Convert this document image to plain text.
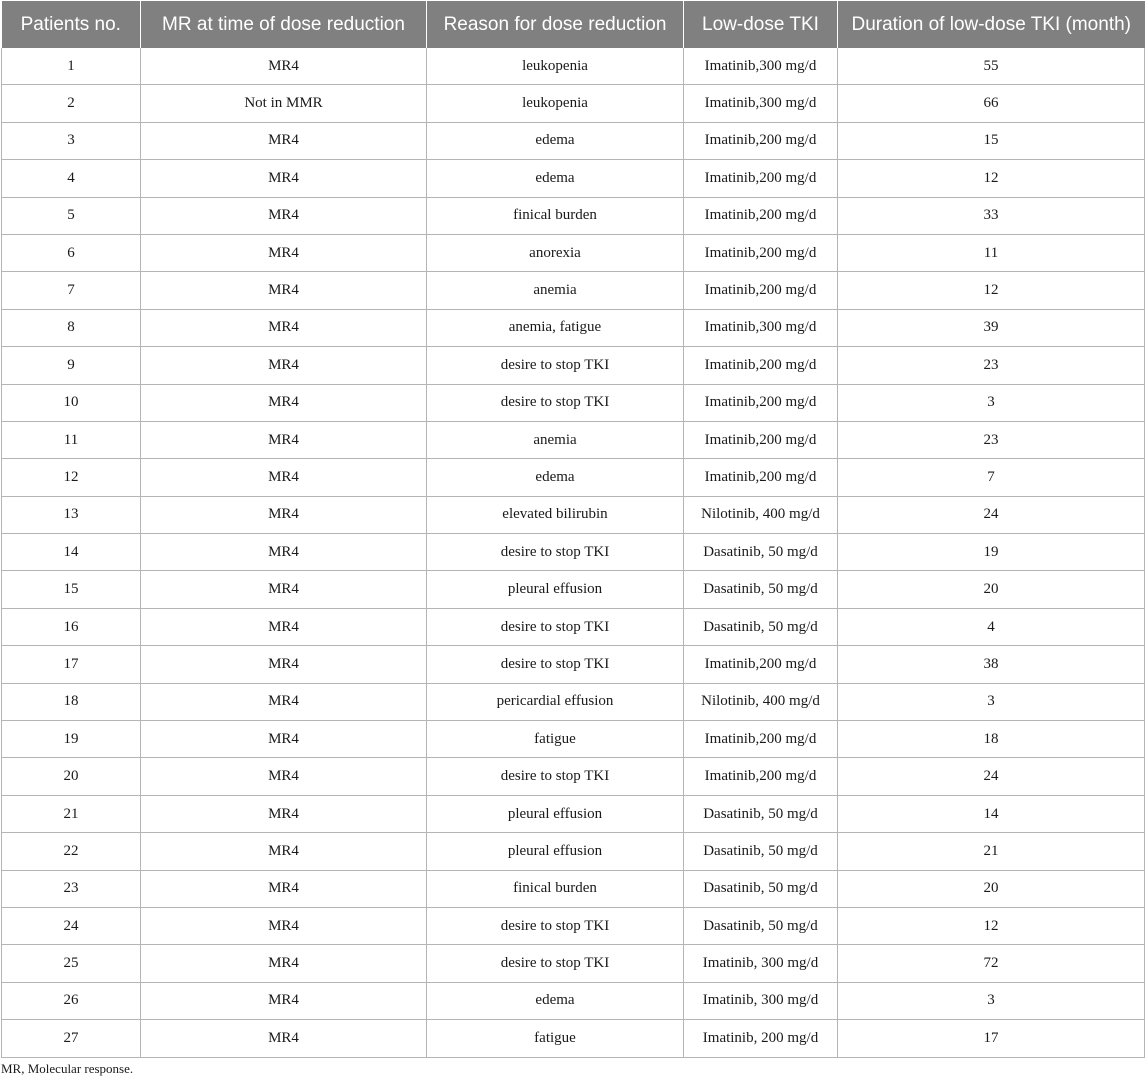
Patients no.	MR at time of dose reduction	Reason for dose reduction	Low-dose TKI	Duration of low-dose TKI (month)
1	MR4	leukopenia	Imatinib,300 mg/d	55
2	Not in MMR	leukopenia	Imatinib,300 mg/d	66
3	MR4	edema	Imatinib,200 mg/d	15
4	MR4	edema	Imatinib,200 mg/d	12
5	MR4	finical burden	Imatinib,200 mg/d	33
6	MR4	anorexia	Imatinib,200 mg/d	11
7	MR4	anemia	Imatinib,200 mg/d	12
8	MR4	anemia, fatigue	Imatinib,300 mg/d	39
9	MR4	desire to stop TKI	Imatinib,200 mg/d	23
10	MR4	desire to stop TKI	Imatinib,200 mg/d	3
11	MR4	anemia	Imatinib,200 mg/d	23
12	MR4	edema	Imatinib,200 mg/d	7
13	MR4	elevated bilirubin	Nilotinib, 400 mg/d	24
14	MR4	desire to stop TKI	Dasatinib, 50 mg/d	19
15	MR4	pleural effusion	Dasatinib, 50 mg/d	20
16	MR4	desire to stop TKI	Dasatinib, 50 mg/d	4
17	MR4	desire to stop TKI	Imatinib,200 mg/d	38
18	MR4	pericardial effusion	Nilotinib, 400 mg/d	3
19	MR4	fatigue	Imatinib,200 mg/d	18
20	MR4	desire to stop TKI	Imatinib,200 mg/d	24
21	MR4	pleural effusion	Dasatinib, 50 mg/d	14
22	MR4	pleural effusion	Dasatinib, 50 mg/d	21
23	MR4	finical burden	Dasatinib, 50 mg/d	20
24	MR4	desire to stop TKI	Dasatinib, 50 mg/d	12
25	MR4	desire to stop TKI	Imatinib, 300 mg/d	72
26	MR4	edema	Imatinib, 300 mg/d	3
27	MR4	fatigue	Imatinib, 200 mg/d	17
MR, Molecular response.
